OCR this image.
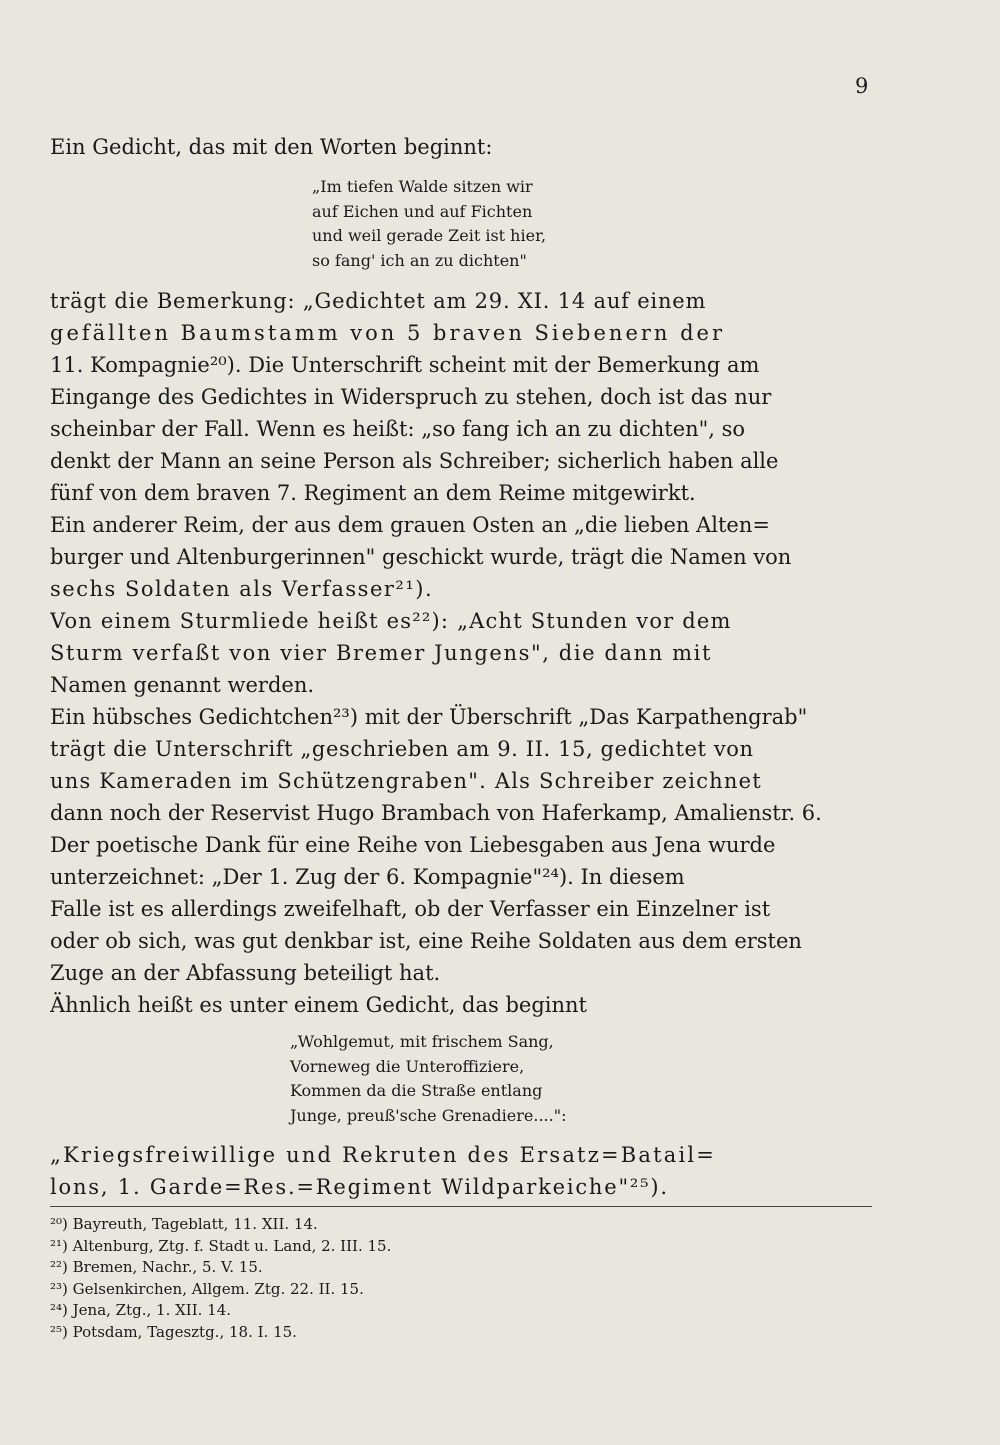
9
Ein Gedicht, das mit den Worten beginnt:
„Im tiefen Walde sitzen wir
auf Eichen und auf Fichten
und weil gerade Zeit ist hier,
so fang' ich an zu dichten"
trägt die Bemerkung: „Gedichtet am 29. XI. 14 auf einem
gefällten Baumstamm von 5 braven Siebenern der
11. Kompagnie²⁰). Die Unterschrift scheint mit der Bemerkung am
Eingange des Gedichtes in Widerspruch zu stehen, doch ist das nur
scheinbar der Fall. Wenn es heißt: „so fang ich an zu dichten", so
denkt der Mann an seine Person als Schreiber; sicherlich haben alle
fünf von dem braven 7. Regiment an dem Reime mitgewirkt.
Ein anderer Reim, der aus dem grauen Osten an „die lieben Alten=
burger und Altenburgerinnen" geschickt wurde, trägt die Namen von
sechs Soldaten als Verfasser²¹).
Von einem Sturmliede heißt es²²): „Acht Stunden vor dem
Sturm verfaßt von vier Bremer Jungens", die dann mit
Namen genannt werden.
Ein hübsches Gedichtchen²³) mit der Überschrift „Das Karpathengrab"
trägt die Unterschrift „geschrieben am 9. II. 15, gedichtet von
uns Kameraden im Schützengraben". Als Schreiber zeichnet
dann noch der Reservist Hugo Brambach von Haferkamp, Amalienstr. 6.
Der poetische Dank für eine Reihe von Liebesgaben aus Jena wurde
unterzeichnet: „Der 1. Zug der 6. Kompagnie"²⁴). In diesem
Falle ist es allerdings zweifelhaft, ob der Verfasser ein Einzelner ist
oder ob sich, was gut denkbar ist, eine Reihe Soldaten aus dem ersten
Zuge an der Abfassung beteiligt hat.
Ähnlich heißt es unter einem Gedicht, das beginnt
„Wohlgemut, mit frischem Sang,
Vorneweg die Unteroffiziere,
Kommen da die Straße entlang
Junge, preuß'sche Grenadiere....":
„Kriegsfreiwillige und Rekruten des Ersatz=Batail=
lons, 1. Garde=Res.=Regiment Wildparkeiche"²⁵).
²⁰) Bayreuth, Tageblatt, 11. XII. 14.
²¹) Altenburg, Ztg. f. Stadt u. Land, 2. III. 15.
²²) Bremen, Nachr., 5. V. 15.
²³) Gelsenkirchen, Allgem. Ztg. 22. II. 15.
²⁴) Jena, Ztg., 1. XII. 14.
²⁵) Potsdam, Tagesztg., 18. I. 15.
